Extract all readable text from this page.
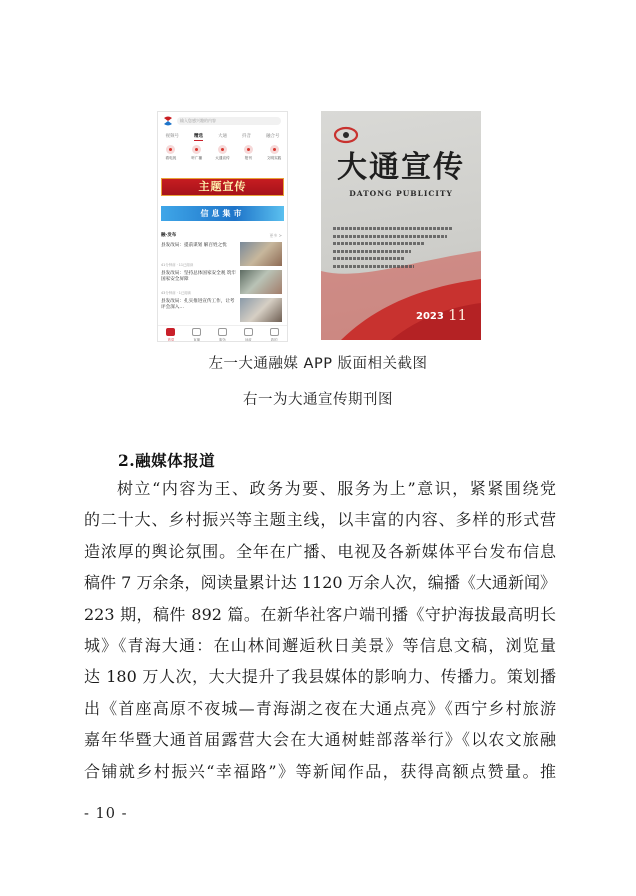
输入您感兴趣的内容
视频号	精选	大通	抖音	融合号
看电视	听广播	大通宣传	报刊	文明实践
主题宣传
信息集市
融·发布	更多 >
县发改局：提前谋划 解百姓之忧
41分钟前 · 11已阅读
县发改局：坚持总体国家安全观 筑牢国家安全屏障
43分钟前 · 1已阅读
县发改局：扎实推进宣传工作，让考评会深入…
首页	直播	服务	问政	我的
大通宣传
DATONG PUBLICITY
2023 11
左一大通融媒 APP 版面相关截图
右一为大通宣传期刊图
2.融媒体报道
树立“内容为王、政务为要、服务为上”意识，紧紧围绕党
的二十大、乡村振兴等主题主线，以丰富的内容、多样的形式营
造浓厚的舆论氛围。全年在广播、电视及各新媒体平台发布信息
稿件 7 万余条，阅读量累计达 1120 万余人次，编播《大通新闻》
223 期，稿件 892 篇。在新华社客户端刊播《守护海拔最高明长
城》《青海大通：在山林间邂逅秋日美景》等信息文稿，浏览量
达 180 万人次，大大提升了我县媒体的影响力、传播力。策划播
出《首座高原不夜城—青海湖之夜在大通点亮》《西宁乡村旅游
嘉年华暨大通首届露营大会在大通树蛙部落举行》《以农文旅融
合铺就乡村振兴“幸福路”》等新闻作品，获得高额点赞量。推
- 10 -
